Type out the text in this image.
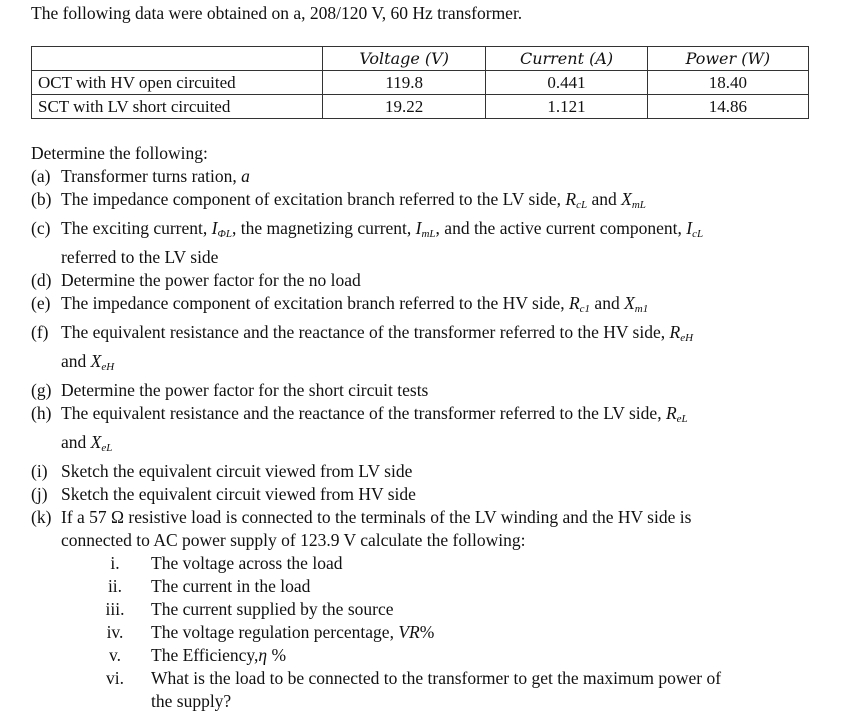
The following data were obtained on a, 208/120 V, 60 Hz transformer.
	Voltage (V)	Current (A)	Power (W)
OCT with HV open circuited	119.8	0.441	18.40
SCT with LV short circuited	19.22	1.121	14.86
Determine the following:
(a) Transformer turns ration, a
(b) The impedance component of excitation branch referred to the LV side, $R_{cL}$ and $X_{mL}$
(c) The exciting current, $I_{\Phi L}$, the magnetizing current, $I_{mL}$, and the active current component, $I_{cL}$
referred to the LV side
(d) Determine the power factor for the no load
(e) The impedance component of excitation branch referred to the HV side, $R_{c1}$ and $X_{m1}$
(f) The equivalent resistance and the reactance of the transformer referred to the HV side, $R_{eH}$
and $X_{eH}$
(g) Determine the power factor for the short circuit tests
(h) The equivalent resistance and the reactance of the transformer referred to the LV side, $R_{eL}$
and $X_{eL}$
(i) Sketch the equivalent circuit viewed from LV side
(j) Sketch the equivalent circuit viewed from HV side
(k) If a 57 Ω resistive load is connected to the terminals of the LV winding and the HV side is
connected to AC power supply of 123.9 V calculate the following:
i.	The voltage across the load
ii.	The current in the load
iii. The current supplied by the source
iv.	The voltage regulation percentage, VR%
v.	The Efficiency,η %
vi. What is the load to be connected to the transformer to get the maximum power of
the supply?
